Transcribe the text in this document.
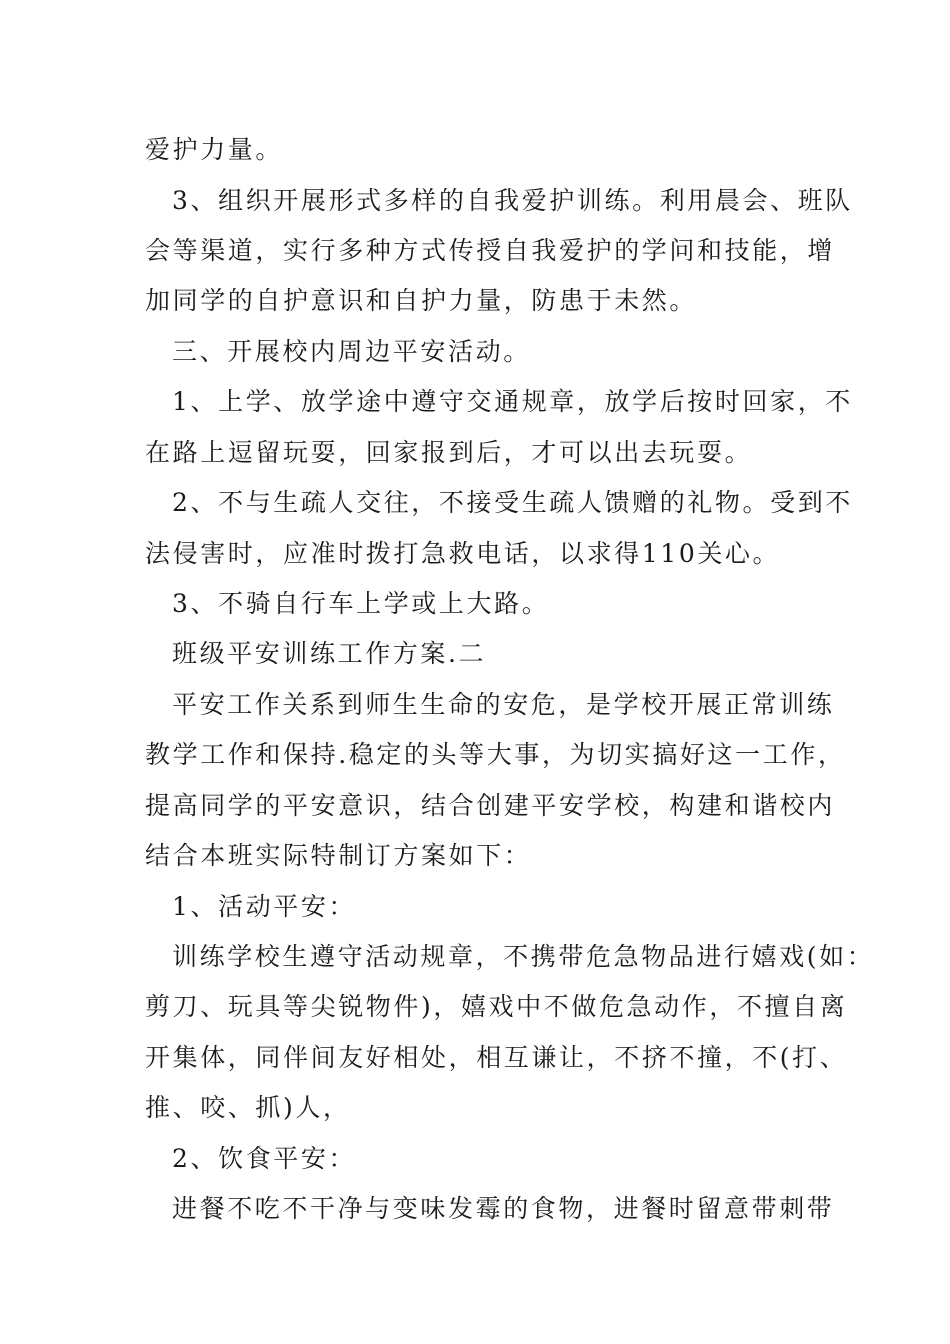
爱护力量。
3、组织开展形式多样的自我爱护训练。利用晨会、班队
会等渠道，实行多种方式传授自我爱护的学问和技能，增
加同学的自护意识和自护力量，防患于未然。
三、开展校内周边平安活动。
1、上学、放学途中遵守交通规章，放学后按时回家，不
在路上逗留玩耍，回家报到后，才可以出去玩耍。
2、不与生疏人交往，不接受生疏人馈赠的礼物。受到不
法侵害时，应准时拨打急救电话，以求得110关心。
3、不骑自行车上学或上大路。
班级平安训练工作方案.二
平安工作关系到师生生命的安危，是学校开展正常训练
教学工作和保持.稳定的头等大事，为切实搞好这一工作，
提高同学的平安意识，结合创建平安学校，构建和谐校内
结合本班实际特制订方案如下：
1、活动平安：
训练学校生遵守活动规章，不携带危急物品进行嬉戏(如：
剪刀、玩具等尖锐物件)，嬉戏中不做危急动作，不擅自离
开集体，同伴间友好相处，相互谦让，不挤不撞，不(打、
推、咬、抓)人，
2、饮食平安：
进餐不吃不干净与变味发霉的食物，进餐时留意带刺带
